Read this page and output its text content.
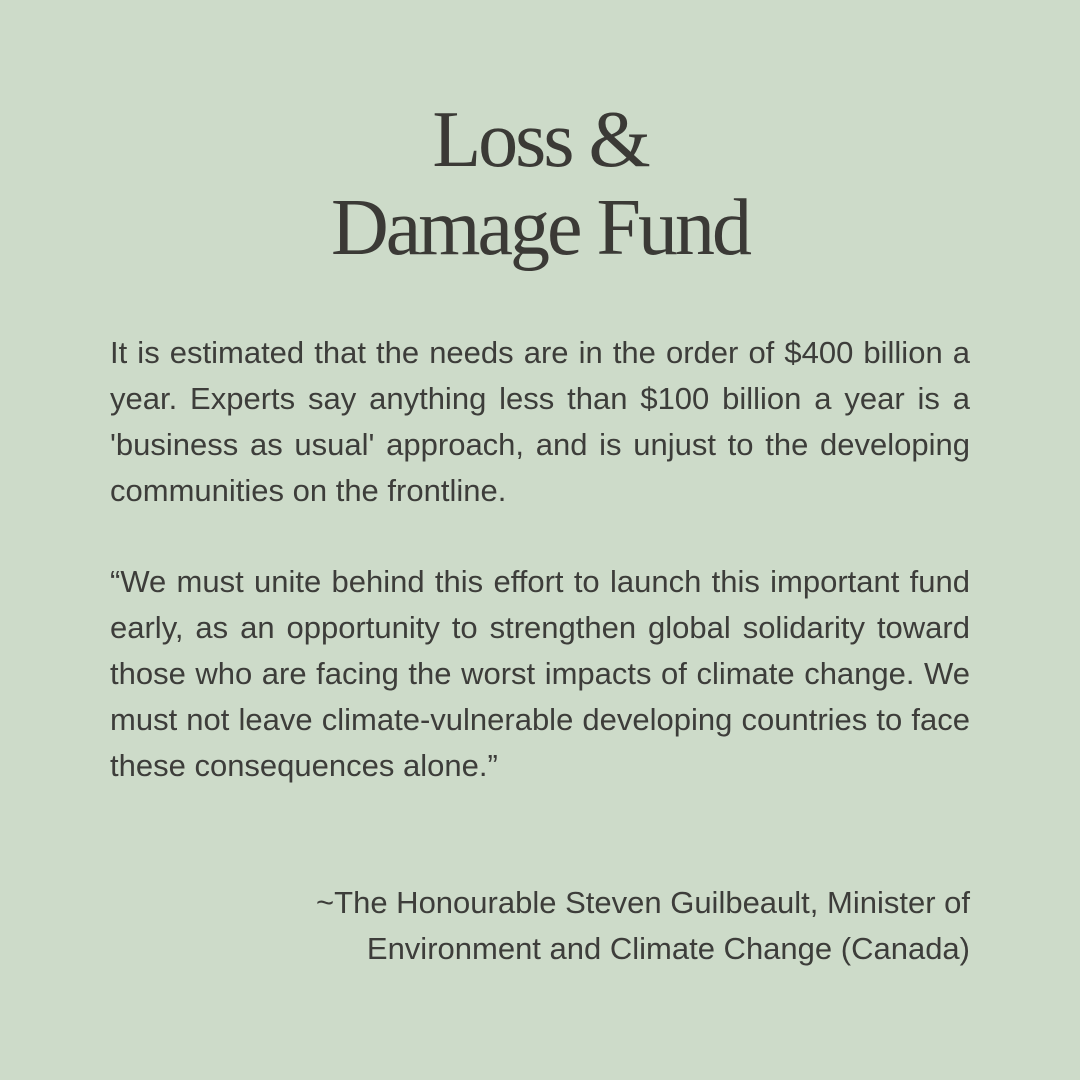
Loss &
Damage Fund

It is estimated that the needs are in the order of $400 billion a year. Experts say anything less than $100 billion a year is a 'business as usual' approach, and is unjust to the developing communities on the frontline.

“We must unite behind this effort to launch this important fund early, as an opportunity to strengthen global solidarity toward those who are facing the worst impacts of climate change. We must not leave climate-vulnerable developing countries to face these consequences alone.”

~The Honourable Steven Guilbeault, Minister of
Environment and Climate Change (Canada)
